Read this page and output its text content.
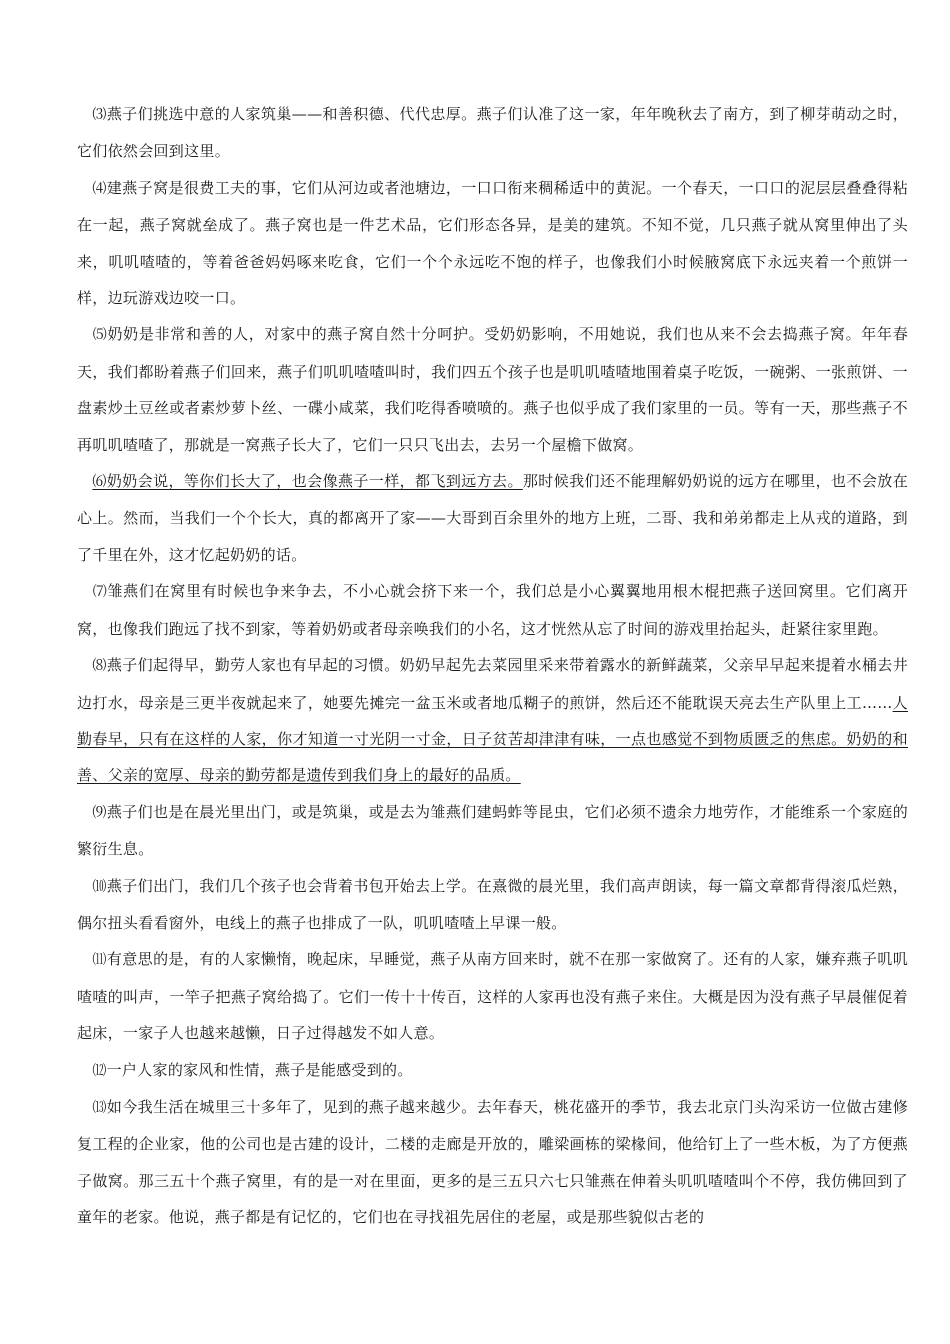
 ⑶燕子们挑选中意的人家筑巢——和善积德、代代忠厚。燕子们认准了这一家，年年晚秋去了南方，到了柳芽萌动之时，它们依然会回到这里。

 ⑷建燕子窝是很费工夫的事，它们从河边或者池塘边，一口口衔来稠稀适中的黄泥。一个春天，一口口的泥层层叠叠得粘在一起，燕子窝就垒成了。燕子窝也是一件艺术品，它们形态各异，是美的建筑。不知不觉，几只燕子就从窝里伸出了头来，叽叽喳喳的，等着爸爸妈妈啄来吃食，它们一个个永远吃不饱的样子，也像我们小时候腋窝底下永远夹着一个煎饼一样，边玩游戏边咬一口。

 ⑸奶奶是非常和善的人，对家中的燕子窝自然十分呵护。受奶奶影响，不用她说，我们也从来不会去捣燕子窝。年年春天，我们都盼着燕子们回来，燕子们叽叽喳喳叫时，我们四五个孩子也是叽叽喳喳地围着桌子吃饭，一碗粥、一张煎饼、一盘素炒土豆丝或者素炒萝卜丝、一碟小咸菜，我们吃得香喷喷的。燕子也似乎成了我们家里的一员。等有一天，那些燕子不再叽叽喳喳了，那就是一窝燕子长大了，它们一只只飞出去，去另一个屋檐下做窝。

 ⑹奶奶会说，等你们长大了，也会像燕子一样，都飞到远方去。那时候我们还不能理解奶奶说的远方在哪里，也不会放在心上。然而，当我们一个个长大，真的都离开了家——大哥到百余里外的地方上班，二哥、我和弟弟都走上从戎的道路，到了千里在外，这才忆起奶奶的话。

 ⑺雏燕们在窝里有时候也争来争去，不小心就会挤下来一个，我们总是小心翼翼地用根木棍把燕子送回窝里。它们离开窝，也像我们跑远了找不到家，等着奶奶或者母亲唤我们的小名，这才恍然从忘了时间的游戏里抬起头，赶紧往家里跑。

 ⑻燕子们起得早，勤劳人家也有早起的习惯。奶奶早起先去菜园里采来带着露水的新鲜蔬菜，父亲早早起来提着水桶去井边打水，母亲是三更半夜就起来了，她要先摊完一盆玉米或者地瓜糊子的煎饼，然后还不能耽误天亮去生产队里上工……人勤春早，只有在这样的人家，你才知道一寸光阴一寸金，日子贫苦却津津有味，一点也感觉不到物质匮乏的焦虑。奶奶的和善、父亲的宽厚、母亲的勤劳都是遗传到我们身上的最好的品质。

 ⑼燕子们也是在晨光里出门，或是筑巢，或是去为雏燕们建蚂蚱等昆虫，它们必须不遗余力地劳作，才能维系一个家庭的繁衍生息。

 ⑽燕子们出门，我们几个孩子也会背着书包开始去上学。在熹微的晨光里，我们高声朗读，每一篇文章都背得滚瓜烂熟，偶尔扭头看看窗外，电线上的燕子也排成了一队，叽叽喳喳上早课一般。

 ⑾有意思的是，有的人家懒惰，晚起床，早睡觉，燕子从南方回来时，就不在那一家做窝了。还有的人家，嫌弃燕子叽叽喳喳的叫声，一竿子把燕子窝给捣了。它们一传十十传百，这样的人家再也没有燕子来住。大概是因为没有燕子早晨催促着起床，一家子人也越来越懒，日子过得越发不如人意。

 ⑿一户人家的家风和性情，燕子是能感受到的。

 ⒀如今我生活在城里三十多年了，见到的燕子越来越少。去年春天，桃花盛开的季节，我去北京门头沟采访一位做古建修复工程的企业家，他的公司也是古建的设计，二楼的走廊是开放的，雕梁画栋的梁椽间，他给钉上了一些木板，为了方便燕子做窝。那三五十个燕子窝里，有的是一对在里面，更多的是三五只六七只雏燕在伸着头叽叽喳喳叫个不停，我仿佛回到了童年的老家。他说，燕子都是有记忆的，它们也在寻找祖先居住的老屋，或是那些貌似古老的
